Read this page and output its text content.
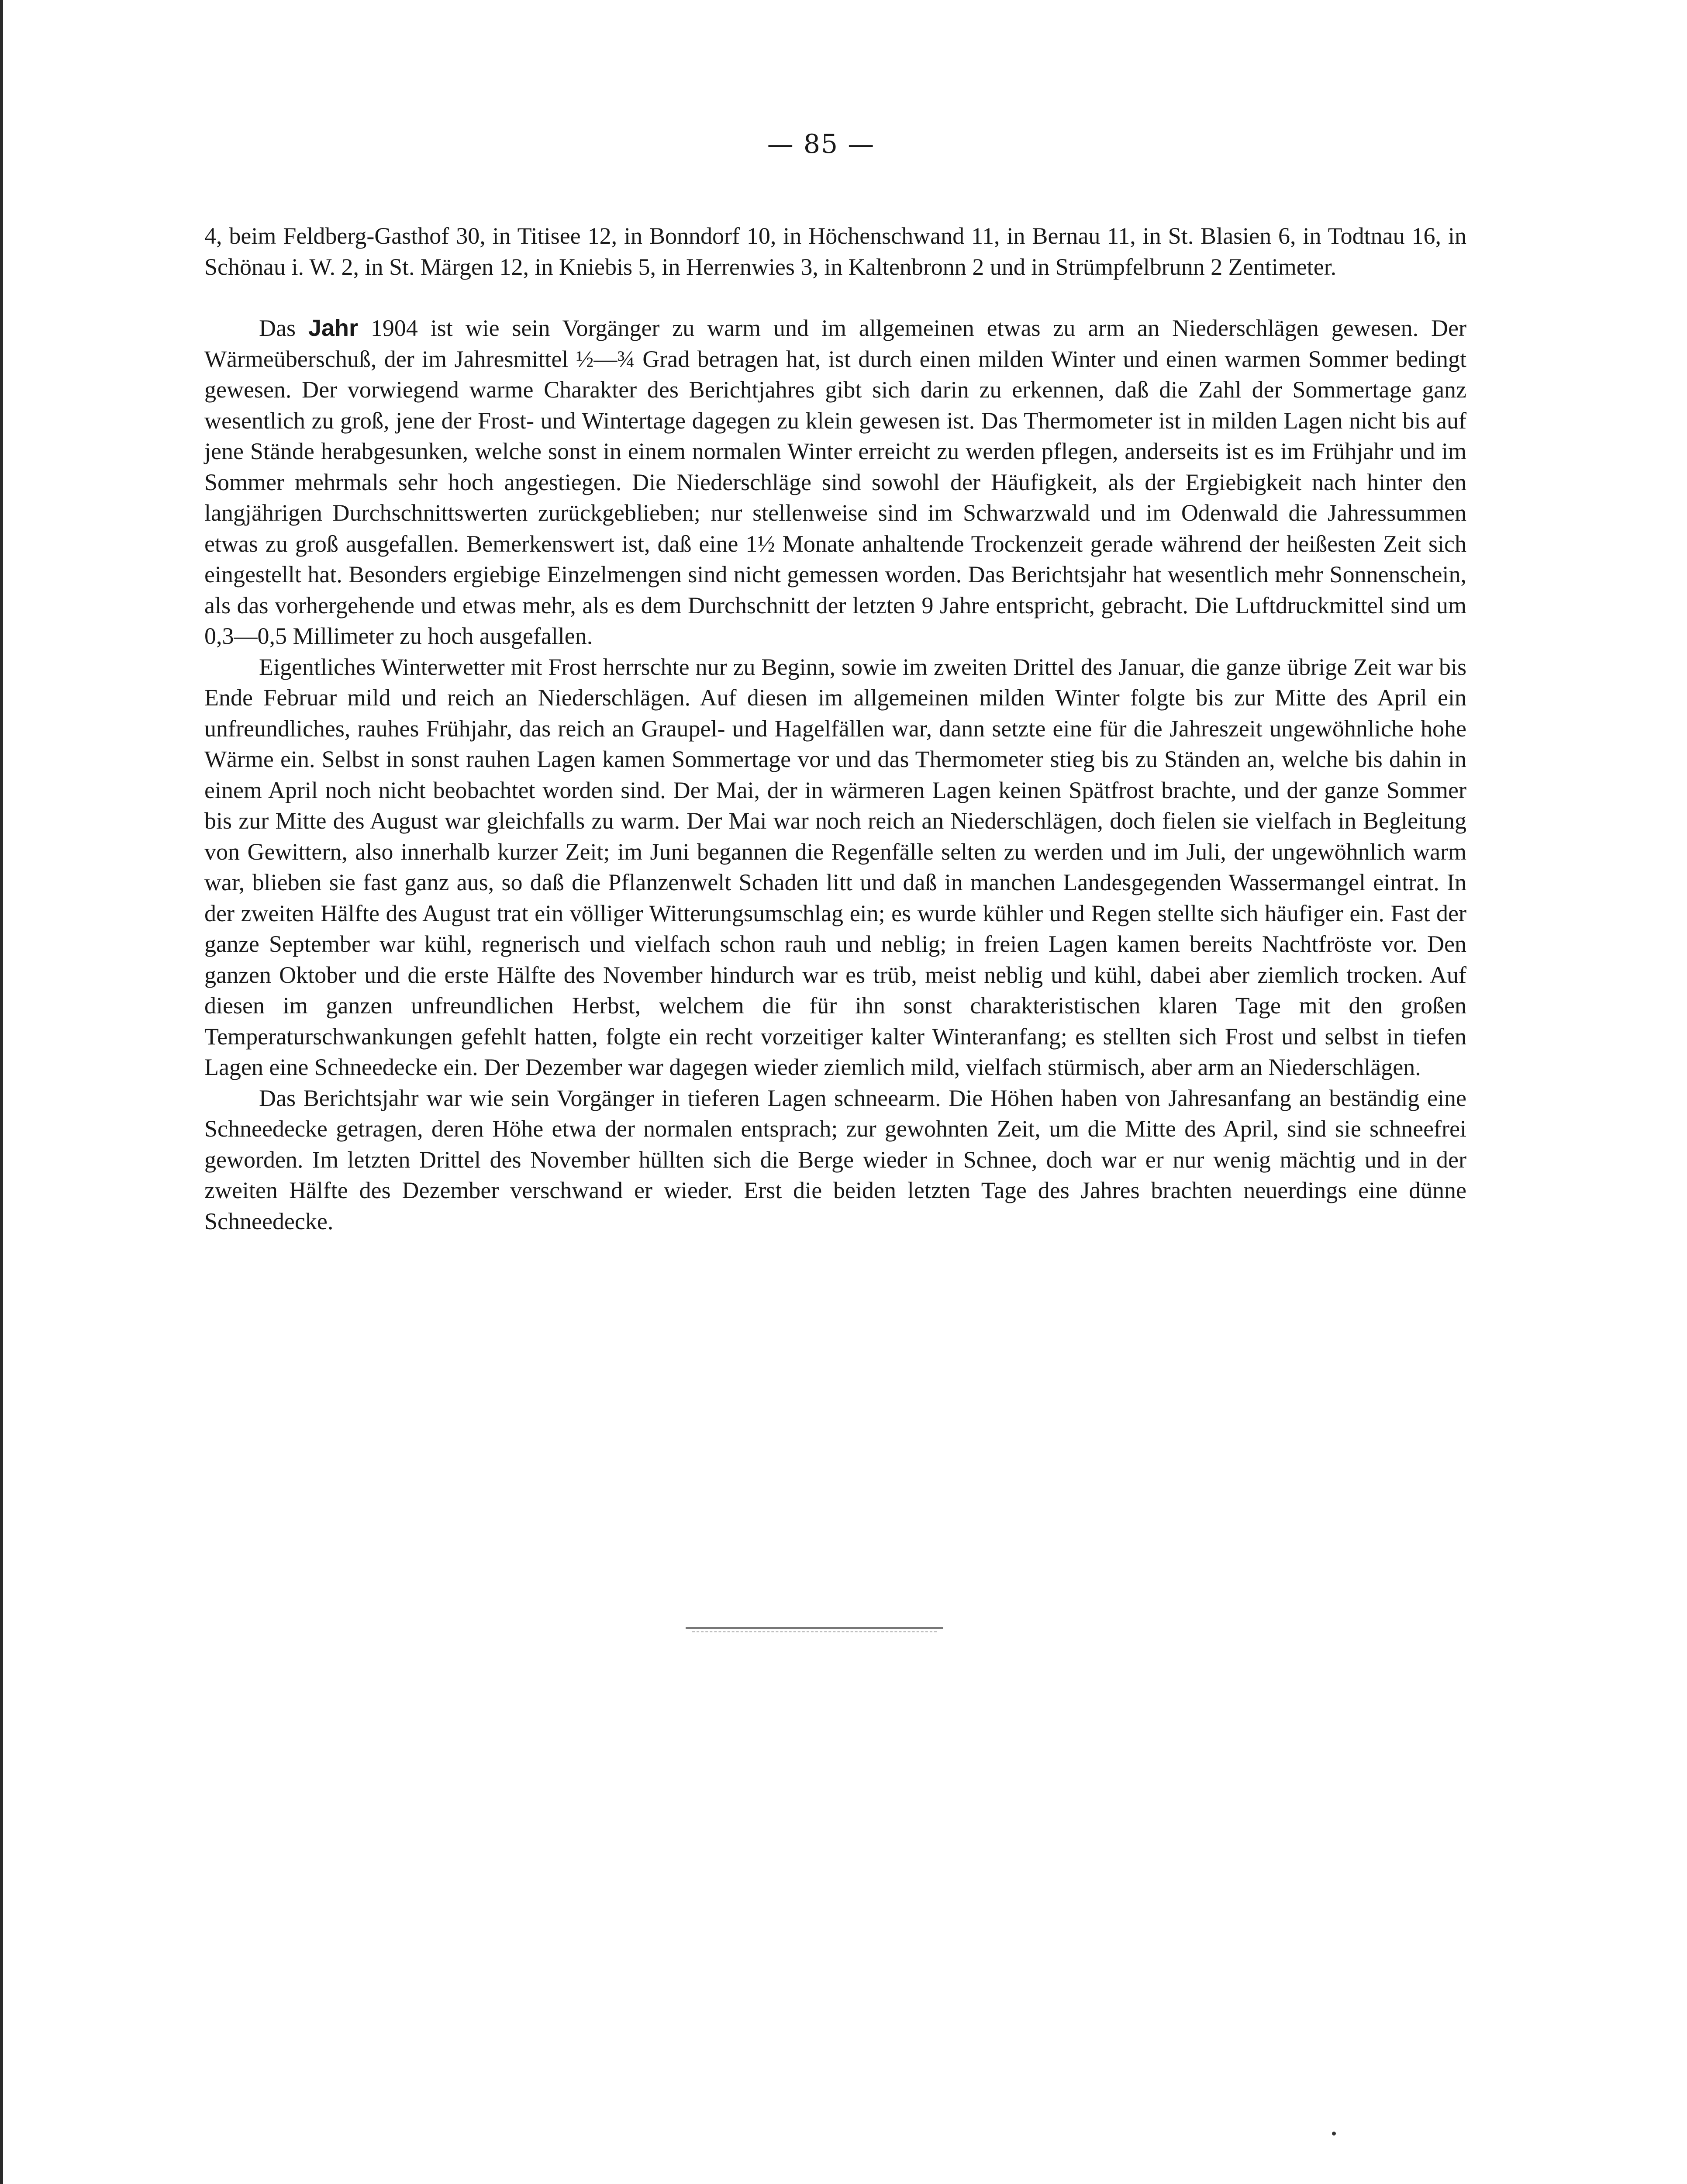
— 85 —

4, beim Feldberg-Gasthof 30, in Titisee 12, in Bonndorf 10, in Höchenschwand 11, in Bernau 11, in St. Blasien 6, in Todtnau 16, in Schönau i. W. 2, in St. Märgen 12, in Kniebis 5, in Herrenwies 3, in Kaltenbronn 2 und in Strümpfelbrunn 2 Zentimeter.

Das Jahr 1904 ist wie sein Vorgänger zu warm und im allgemeinen etwas zu arm an Niederschlägen gewesen. Der Wärmeüberschuß, der im Jahresmittel ½—¾ Grad betragen hat, ist durch einen milden Winter und einen warmen Sommer bedingt gewesen. Der vorwiegend warme Charakter des Berichtjahres gibt sich darin zu erkennen, daß die Zahl der Sommertage ganz wesentlich zu groß, jene der Frost- und Wintertage dagegen zu klein gewesen ist. Das Thermometer ist in milden Lagen nicht bis auf jene Stände herabgesunken, welche sonst in einem normalen Winter erreicht zu werden pflegen, anderseits ist es im Frühjahr und im Sommer mehrmals sehr hoch angestiegen. Die Niederschläge sind sowohl der Häufigkeit, als der Ergiebigkeit nach hinter den langjährigen Durchschnittswerten zurückgeblieben; nur stellenweise sind im Schwarzwald und im Odenwald die Jahressummen etwas zu groß ausgefallen. Bemerkenswert ist, daß eine 1½ Monate anhaltende Trockenzeit gerade während der heißesten Zeit sich eingestellt hat. Besonders ergiebige Einzelmengen sind nicht gemessen worden. Das Berichtsjahr hat wesentlich mehr Sonnenschein, als das vorhergehende und etwas mehr, als es dem Durchschnitt der letzten 9 Jahre entspricht, gebracht. Die Luftdruckmittel sind um 0,3—0,5 Millimeter zu hoch ausgefallen.

Eigentliches Winterwetter mit Frost herrschte nur zu Beginn, sowie im zweiten Drittel des Januar, die ganze übrige Zeit war bis Ende Februar mild und reich an Niederschlägen. Auf diesen im allgemeinen milden Winter folgte bis zur Mitte des April ein unfreundliches, rauhes Frühjahr, das reich an Graupel- und Hagelfällen war, dann setzte eine für die Jahreszeit ungewöhnliche hohe Wärme ein. Selbst in sonst rauhen Lagen kamen Sommertage vor und das Thermometer stieg bis zu Ständen an, welche bis dahin in einem April noch nicht beobachtet worden sind. Der Mai, der in wärmeren Lagen keinen Spätfrost brachte, und der ganze Sommer bis zur Mitte des August war gleichfalls zu warm. Der Mai war noch reich an Niederschlägen, doch fielen sie vielfach in Begleitung von Gewittern, also innerhalb kurzer Zeit; im Juni begannen die Regenfälle selten zu werden und im Juli, der ungewöhnlich warm war, blieben sie fast ganz aus, so daß die Pflanzenwelt Schaden litt und daß in manchen Landesgegenden Wassermangel eintrat. In der zweiten Hälfte des August trat ein völliger Witterungsumschlag ein; es wurde kühler und Regen stellte sich häufiger ein. Fast der ganze September war kühl, regnerisch und vielfach schon rauh und neblig; in freien Lagen kamen bereits Nachtfröste vor. Den ganzen Oktober und die erste Hälfte des November hindurch war es trüb, meist neblig und kühl, dabei aber ziemlich trocken. Auf diesen im ganzen unfreundlichen Herbst, welchem die für ihn sonst charakteristischen klaren Tage mit den großen Temperaturschwankungen gefehlt hatten, folgte ein recht vorzeitiger kalter Winteranfang; es stellten sich Frost und selbst in tiefen Lagen eine Schneedecke ein. Der Dezember war dagegen wieder ziemlich mild, vielfach stürmisch, aber arm an Niederschlägen.

Das Berichtsjahr war wie sein Vorgänger in tieferen Lagen schneearm. Die Höhen haben von Jahresanfang an beständig eine Schneedecke getragen, deren Höhe etwa der normalen entsprach; zur gewohnten Zeit, um die Mitte des April, sind sie schneefrei geworden. Im letzten Drittel des November hüllten sich die Berge wieder in Schnee, doch war er nur wenig mächtig und in der zweiten Hälfte des Dezember verschwand er wieder. Erst die beiden letzten Tage des Jahres brachten neuerdings eine dünne Schneedecke.
